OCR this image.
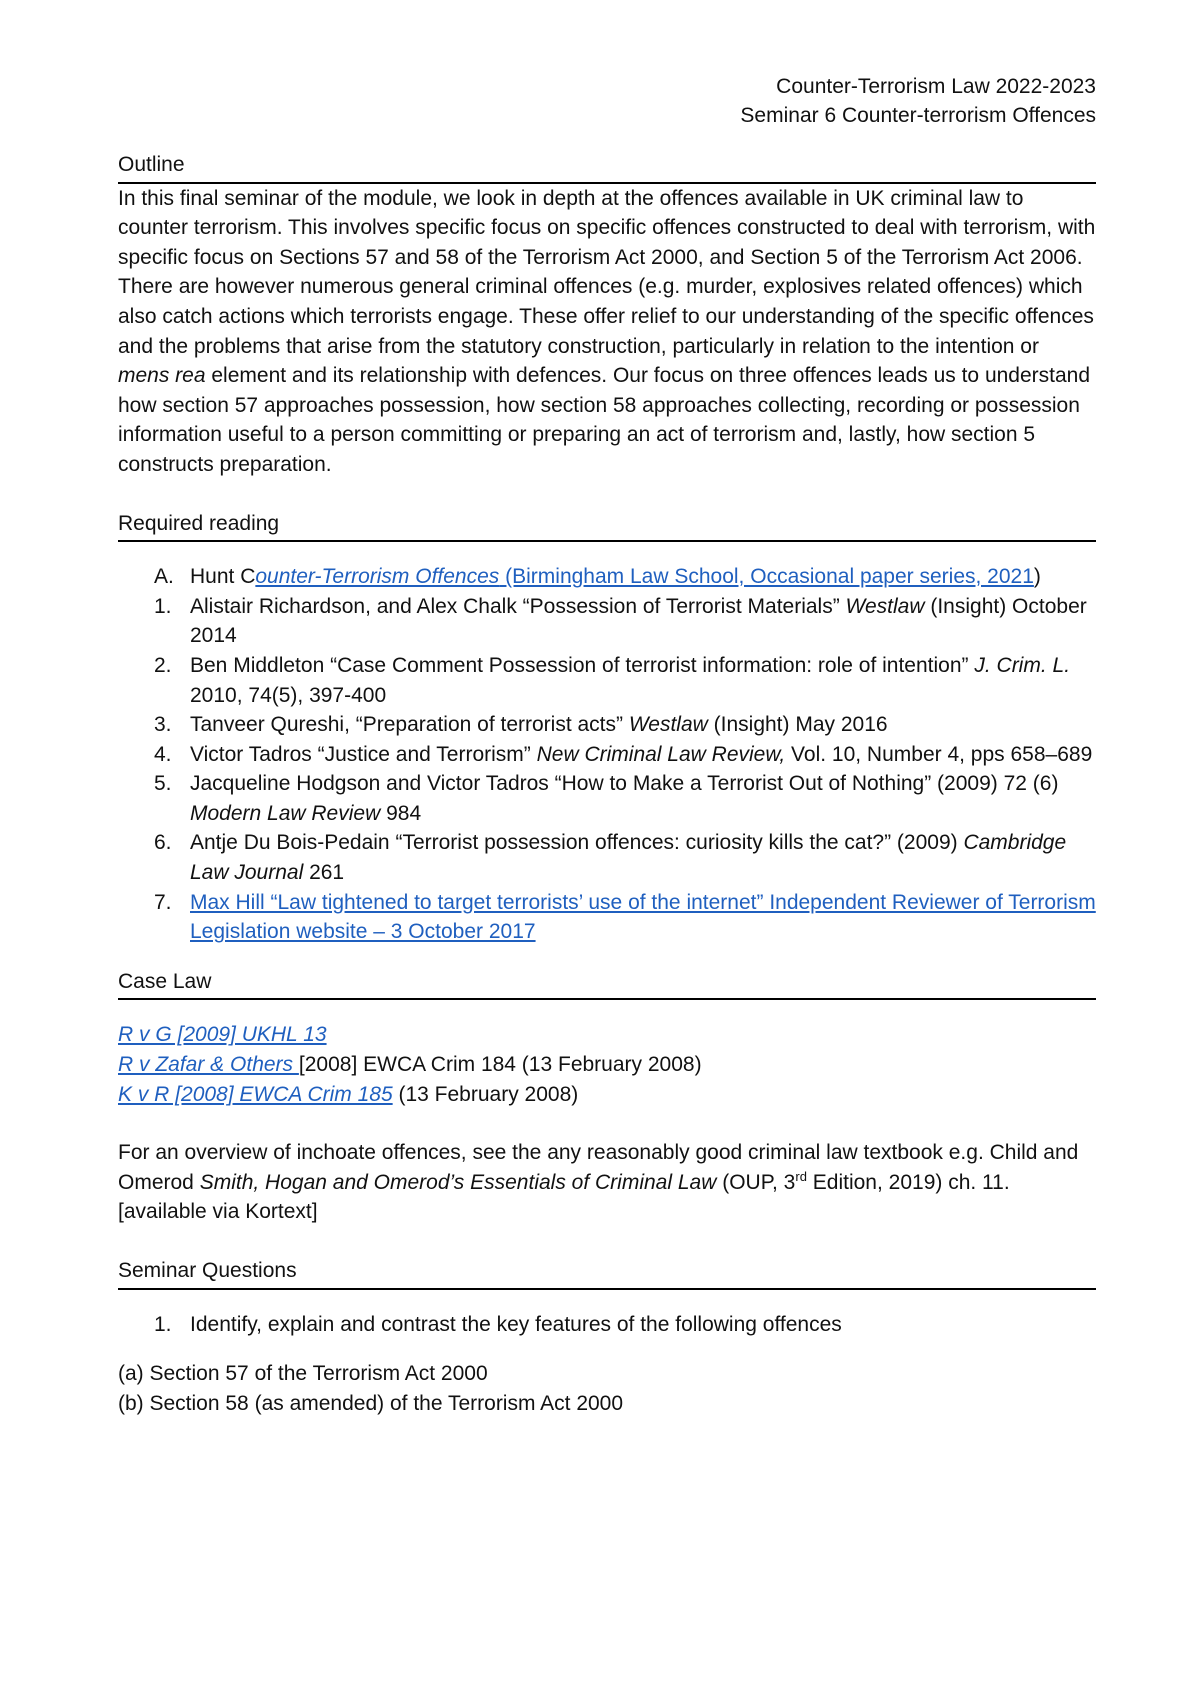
Counter-Terrorism Law 2022-2023
Seminar 6 Counter-terrorism Offences
Outline

In this final seminar of the module, we look in depth at the offences available in UK criminal law to counter terrorism. This involves specific focus on specific offences constructed to deal with terrorism, with specific focus on Sections 57 and 58 of the Terrorism Act 2000, and Section 5 of the Terrorism Act 2006. There are however numerous general criminal offences (e.g. murder, explosives related offences) which also catch actions which terrorists engage. These offer relief to our understanding of the specific offences and the problems that arise from the statutory construction, particularly in relation to the intention or mens rea element and its relationship with defences. Our focus on three offences leads us to understand how section 57 approaches possession, how section 58 approaches collecting, recording or possession information useful to a person committing or preparing an act of terrorism and, lastly, how section 5 constructs preparation.

Required reading
A. Hunt Counter-Terrorism Offences (Birmingham Law School, Occasional paper series, 2021)
1. Alistair Richardson, and Alex Chalk “Possession of Terrorist Materials” Westlaw (Insight) October 2014
2. Ben Middleton “Case Comment Possession of terrorist information: role of intention” J. Crim. L. 2010, 74(5), 397-400
3. Tanveer Qureshi, “Preparation of terrorist acts” Westlaw (Insight) May 2016
4. Victor Tadros “Justice and Terrorism” New Criminal Law Review, Vol. 10, Number 4, pps 658–689
5. Jacqueline Hodgson and Victor Tadros “How to Make a Terrorist Out of Nothing” (2009) 72 (6) Modern Law Review 984
6. Antje Du Bois-Pedain “Terrorist possession offences: curiosity kills the cat?” (2009) Cambridge Law Journal 261
7. Max Hill “Law tightened to target terrorists’ use of the internet” Independent Reviewer of Terrorism Legislation website – 3 October 2017
Case Law

R v G [2009] UKHL 13

R v Zafar & Others [2008] EWCA Crim 184 (13 February 2008)

K v R [2008] EWCA Crim 185 (13 February 2008)

For an overview of inchoate offences, see the any reasonably good criminal law textbook e.g. Child and Omerod Smith, Hogan and Omerod’s Essentials of Criminal Law (OUP, 3rd Edition, 2019) ch. 11. [available via Kortext]

Seminar Questions
1. Identify, explain and contrast the key features of the following offences

(a) Section 57 of the Terrorism Act 2000

(b) Section 58 (as amended) of the Terrorism Act 2000
